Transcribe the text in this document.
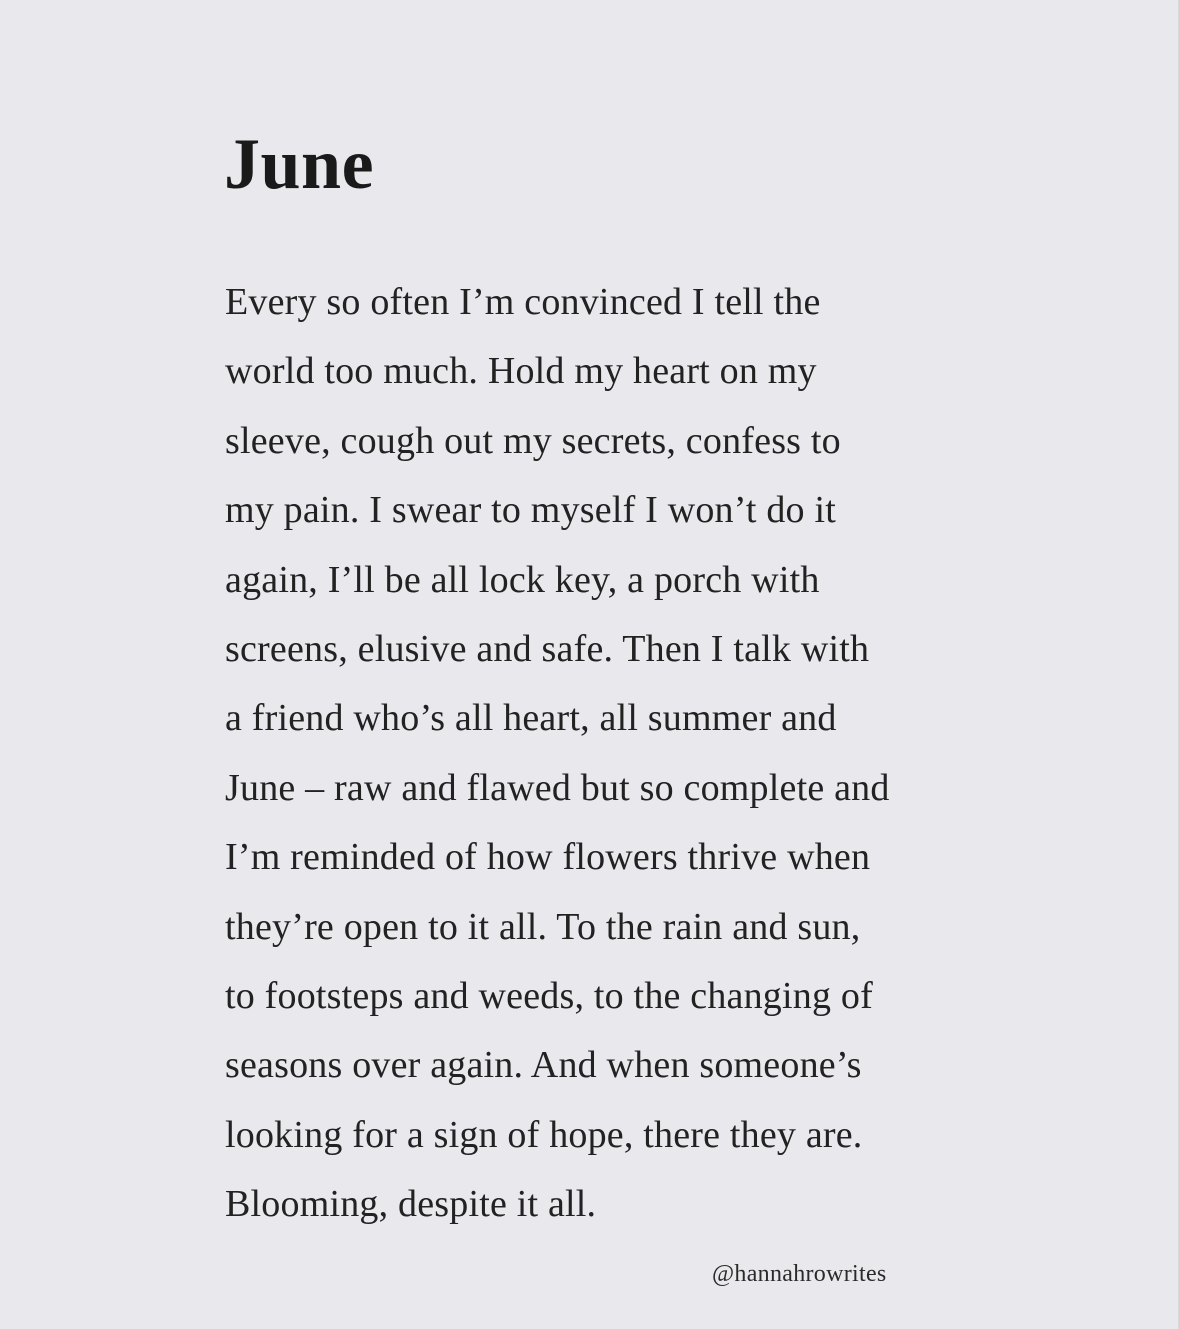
June
Every so often I’m convinced I tell the
world too much. Hold my heart on my
sleeve, cough out my secrets, confess to
my pain. I swear to myself I won’t do it
again, I’ll be all lock key, a porch with
screens, elusive and safe. Then I talk with
a friend who’s all heart, all summer and
June – raw and flawed but so complete and
I’m reminded of how flowers thrive when
they’re open to it all. To the rain and sun,
to footsteps and weeds, to the changing of
seasons over again. And when someone’s
looking for a sign of hope, there they are.
Blooming, despite it all.
@hannahrowrites
